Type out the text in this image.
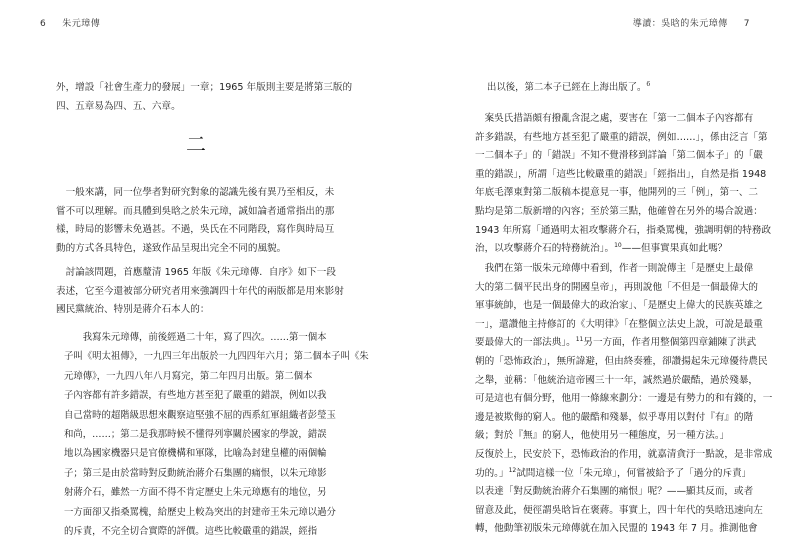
6 朱元璋傳
外，增設「社會生產力的發展」一章；1965 年版則主要是將第三版的
四、五章易為四、五、六章。
二
　一般來講，同一位學者對研究對象的認識先後有異乃至相反，未
嘗不可以理解。而具體到吳晗之於朱元璋，誠如論者通常指出的那
樣，時局的影響未免過甚。不過，吳氏在不同階段，寫作與時局互
動的方式各具特色，遂致作品呈現出完全不同的風貌。
　討論該問題，首應釐清 1965 年版《朱元璋傳．自序》如下一段
表述，它至今還被部分研究者用來強調四十年代的兩版都是用來影射
國民黨統治、特別是蔣介石本人的：
　　我寫朱元璋傳，前後經過二十年，寫了四次。……第一個本
子叫《明太祖傳》，一九四三年出版於一九四四年六月；第二個本子叫《朱
元璋傳》，一九四八年八月寫完，第二年四月出版。第二個本
子內容都有許多錯誤，有些地方甚至犯了嚴重的錯誤，例如以我
自己當時的超階級思想來觀察這堅強不屈的西系紅軍組織者彭瑩玉
和尚，……；第二是我那時候不懂得列寧關於國家的學說，錯誤
地以為國家機器只是官僚機構和軍隊，比喻為封建皇權的兩個輪
子；第三是由於當時對反動統治蔣介石集團的痛恨，以朱元璋影
射蔣介石，雖然一方面不得不肯定歷史上朱元璋應有的地位，另
一方面卻又指桑罵槐，給歷史上較為突出的封建帝王朱元璋以過分
的斥責，不完全切合實際的評價。這些比較嚴重的錯誤，經指
導讀：吳晗的朱元璋傳 7
出以後，第二本子已經在上海出版了。$^6$
　案吳氏措語頗有撥亂含混之處，要害在「第一二個本子內容都有
許多錯誤，有些地方甚至犯了嚴重的錯誤，例如……」，係由泛言「第
一二個本子」的「錯誤」不知不覺滑移到詳論「第二個本子」的「嚴
重的錯誤」，所謂「這些比較嚴重的錯誤」「經指出」，自然是指 1948
年底毛澤東對第二版稿本提意見一事，他開列的三「例」，第一、二
點均是第二版新增的內容；至於第三點，他確曾在另外的場合說過：
1943 年所寫「通過明太祖攻擊蔣介石，指桑罵槐，強調明朝的特務政
治，以攻擊蔣介石的特務統治」。$^{10}$——但事實果真如此嗎？
　我們在第一版朱元璋傳中看到，作者一則說傳主「是歷史上最偉
大的第二個平民出身的開國皇帝」，再則說他「不但是一個最偉大的
軍事統帥，也是一個最偉大的政治家」、「是歷史上偉大的民族英雄之
一」，還讚他主持修訂的《大明律》「在整個立法史上說，可說是最重
要最偉大的一部法典」。$^{11}$另一方面，作者用整個第四章鋪陳了洪武
朝的「恐怖政治」，無所諱避，但由終奏雅，卻讚揚起朱元璋優待農民
之舉，並稱：「他統治這帝國三十一年，誠然過於嚴酷，過於殘暴，
可是這也有個分野，他用一條線來劃分：一邊是有勢力的和有錢的，一
邊是被欺侮的窮人。他的嚴酷和殘暴，似乎專用以對付『有』的階
級；對於『無』的窮人，他使用另一種態度，另一種方法。」
反復於上，民安於下，恐怖政治的作用，就嘉清貪汙一點說，是非常成
功的。」$^{12}$試問這樣一位「朱元璋」，何嘗被給予了「過分的斥責」
以表達「對反動統治蔣介石集團的痛恨」呢？——顯其反而，或者
留意及此，便徑謂吳晗旨在褒蔣。事實上，四十年代的吳晗迅速向左
轉，他動筆初版朱元璋傳就在加入民盟的 1943 年 7 月。推測他會
